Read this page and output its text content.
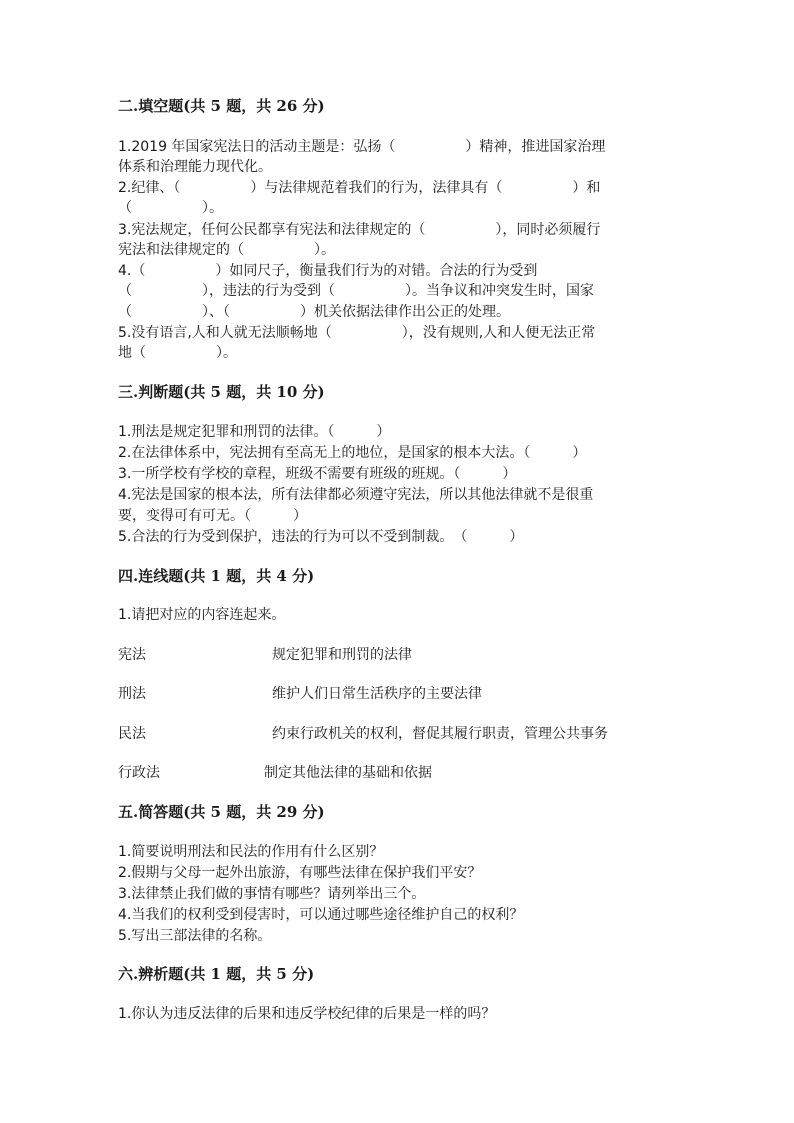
二.填空题(共 5 题，共 26 分)
1.2019 年国家宪法日的活动主题是：弘扬（　　　　　）精神，推进国家治理
体系和治理能力现代化。
2.纪律、（　　　　　）与法律规范着我们的行为，法律具有（　　　　　）和
（　　　　　）。
3.宪法规定，任何公民都享有宪法和法律规定的（　　　　　），同时必须履行
宪法和法律规定的（　　　　　）。
4.（　　　　　）如同尺子，衡量我们行为的对错。合法的行为受到
（　　　　　），违法的行为受到（　　　　　）。当争议和冲突发生时，国家
（　　　　　）、（　　　　　）机关依据法律作出公正的处理。
5.没有语言,人和人就无法顺畅地（　　　　　），没有规则,人和人便无法正常
地（　　　　　）。
三.判断题(共 5 题，共 10 分)
1.刑法是规定犯罪和刑罚的法律。（　　　）
2.在法律体系中，宪法拥有至高无上的地位，是国家的根本大法。（　　　）
3.一所学校有学校的章程，班级不需要有班级的班规。（　　　）
4.宪法是国家的根本法，所有法律都必须遵守宪法，所以其他法律就不是很重
要，变得可有可无。（　　　）
5.合法的行为受到保护，违法的行为可以不受到制裁。　（　　　）
四.连线题(共 1 题，共 4 分)
1.请把对应的内容连起来。
宪法	规定犯罪和刑罚的法律
刑法	维护人们日常生活秩序的主要法律
民法	约束行政机关的权利，督促其履行职责，管理公共事务
行政法	制定其他法律的基础和依据
五.简答题(共 5 题，共 29 分)
1.简要说明刑法和民法的作用有什么区别？
2.假期与父母一起外出旅游，有哪些法律在保护我们平安？
3.法律禁止我们做的事情有哪些？请列举出三个。
4.当我们的权利受到侵害时，可以通过哪些途径维护自己的权利？
5.写出三部法律的名称。
六.辨析题(共 1 题，共 5 分)
1.你认为违反法律的后果和违反学校纪律的后果是一样的吗？
